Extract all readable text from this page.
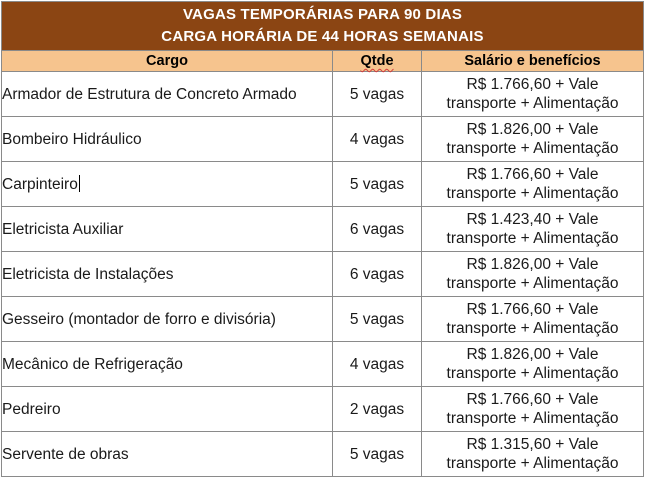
VAGAS TEMPORÁRIAS PARA 90 DIAS
CARGA HORÁRIA DE 44 HORAS SEMANAIS		

Cargo	Qtde	Salário e benefícios
Armador de Estrutura de Concreto Armado	5 vagas	R$ 1.766,60 + Vale
transporte + Alimentação

Bombeiro Hidráulico	4 vagas	R$ 1.826,00 + Vale
transporte + Alimentação

Carpinteiro	5 vagas	R$ 1.766,60 + Vale
transporte + Alimentação

Eletricista Auxiliar	6 vagas	R$ 1.423,40 + Vale
transporte + Alimentação

Eletricista de Instalações	6 vagas	R$ 1.826,00 + Vale
transporte + Alimentação

Gesseiro (montador de forro e divisória)	5 vagas	R$ 1.766,60 + Vale
transporte + Alimentação

Mecânico de Refrigeração	4 vagas	R$ 1.826,00 + Vale
transporte + Alimentação

Pedreiro	2 vagas	R$ 1.766,60 + Vale
transporte + Alimentação

Servente de obras	5 vagas	R$ 1.315,60 + Vale
transporte + Alimentação
